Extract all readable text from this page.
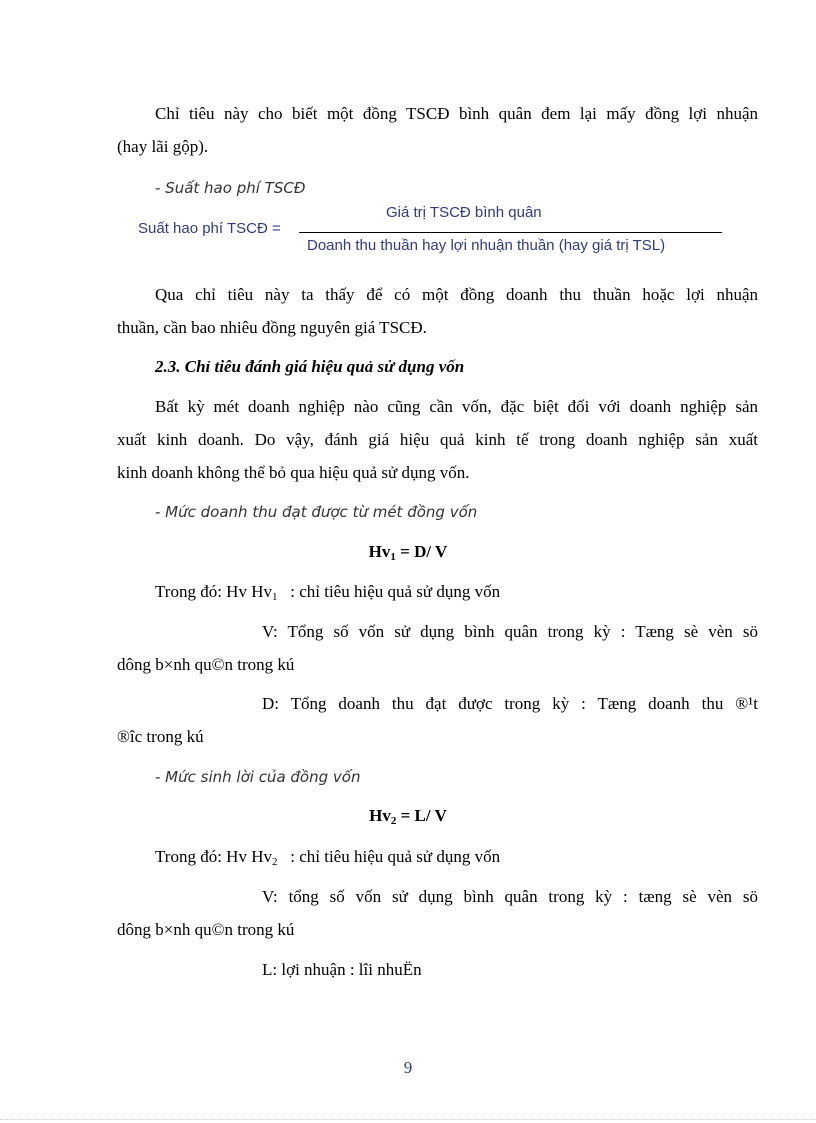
Chỉ tiêu này cho biết một đồng TSCĐ bình quân đem lại mấy đồng lợi nhuận
(hay lãi gộp).
- Suất hao phí TSCĐ
Suất hao phí TSCĐ =
Giá trị TSCĐ bình quân
Doanh thu thuần hay lợi nhuận thuần (hay giá trị TSL)
Qua chỉ tiêu này ta thấy để có một đồng doanh thu thuần hoặc lợi nhuận
thuần, cần bao nhiêu đồng nguyên giá TSCĐ.
2.3. Chỉ tiêu đánh giá hiệu quả sử dụng vốn
Bất kỳ mét doanh nghiệp nào cũng cần vốn, đặc biệt đối với doanh nghiệp sản
xuất kinh doanh. Do vậy, đánh giá hiệu quả kinh tế trong doanh nghiệp sản xuất
kinh doanh không thể bỏ qua hiệu quả sử dụng vốn.
- Mức doanh thu đạt được từ mét đồng vốn
$Hv_1 = D/$ V
Trong đó: Hv $Hv_1$   : chỉ tiêu hiệu quả sử dụng vốn
V: Tổng số vốn sử dụng bình quân trong kỳ : Tæng sè vèn sö
dông b×nh qu©n trong kú
D: Tổng doanh thu đạt được trong kỳ : Tæng doanh thu ®¹t
®îc trong kú
- Mức sinh lời của đồng vốn
$Hv_2 = L/$ V
Trong đó: Hv $Hv_2$   : chỉ tiêu hiệu quả sử dụng vốn
V: tổng số vốn sử dụng bình quân trong kỳ : tæng sè vèn sö
dông b×nh qu©n trong kú
L: lợi nhuận : lîi nhuËn
9
